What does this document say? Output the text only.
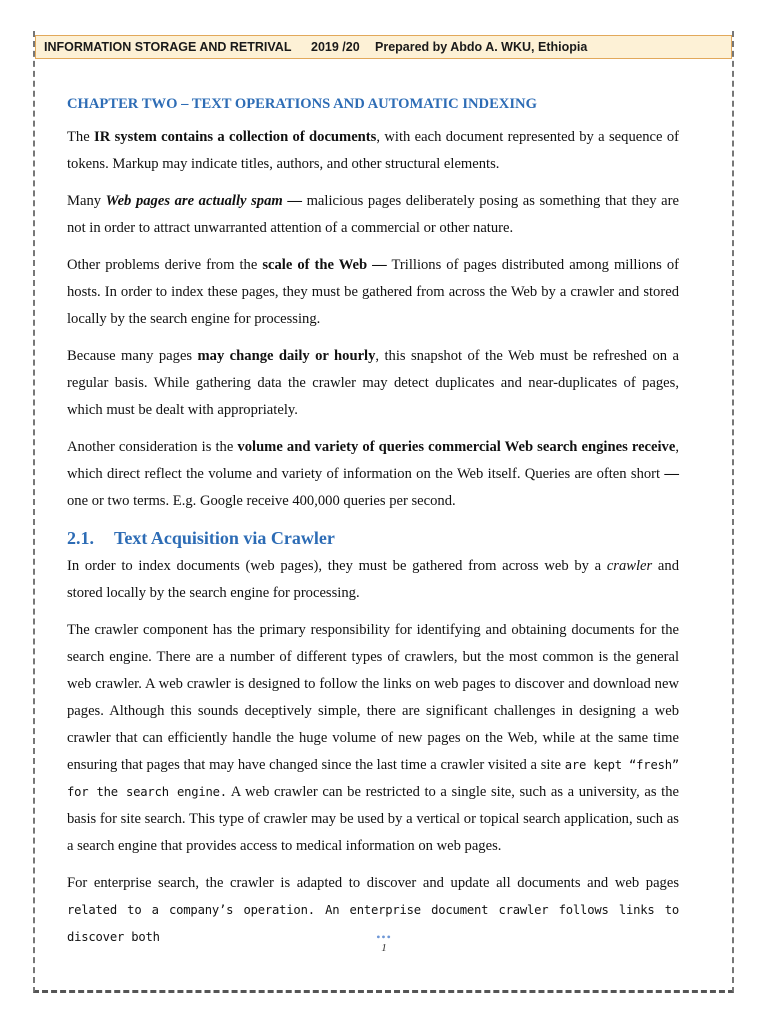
INFORMATION STORAGE AND RETRIVAL 2019 /20 Prepared by Abdo A. WKU, Ethiopia
CHAPTER TWO – TEXT OPERATIONS AND AUTOMATIC INDEXING

The IR system contains a collection of documents, with each document represented by a sequence of tokens. Markup may indicate titles, authors, and other structural elements.

Many Web pages are actually spam — malicious pages deliberately posing as something that they are not in order to attract unwarranted attention of a commercial or other nature.

Other problems derive from the scale of the Web — Trillions of pages distributed among millions of hosts. In order to index these pages, they must be gathered from across the Web by a crawler and stored locally by the search engine for processing.

Because many pages may change daily or hourly, this snapshot of the Web must be refreshed on a regular basis. While gathering data the crawler may detect duplicates and near-duplicates of pages, which must be dealt with appropriately.

Another consideration is the volume and variety of queries commercial Web search engines receive, which direct reflect the volume and variety of information on the Web itself. Queries are often short — one or two terms. E.g. Google receive 400,000 queries per second.

2.1. Text Acquisition via Crawler

In order to index documents (web pages), they must be gathered from across web by a crawler and stored locally by the search engine for processing.

The crawler component has the primary responsibility for identifying and obtaining documents for the search engine. There are a number of different types of crawlers, but the most common is the general web crawler. A web crawler is designed to follow the links on web pages to discover and download new pages. Although this sounds deceptively simple, there are significant challenges in designing a web crawler that can efficiently handle the huge volume of new pages on the Web, while at the same time ensuring that pages that may have changed since the last time a crawler visited a site are kept “fresh” for the search engine. A web crawler can be restricted to a single site, such as a university, as the basis for site search. This type of crawler may be used by a vertical or topical search application, such as a search engine that provides access to medical information on web pages.

For enterprise search, the crawler is adapted to discover and update all documents and web pages related to a company’s operation. An enterprise document crawler follows links to discover both	•••
1
